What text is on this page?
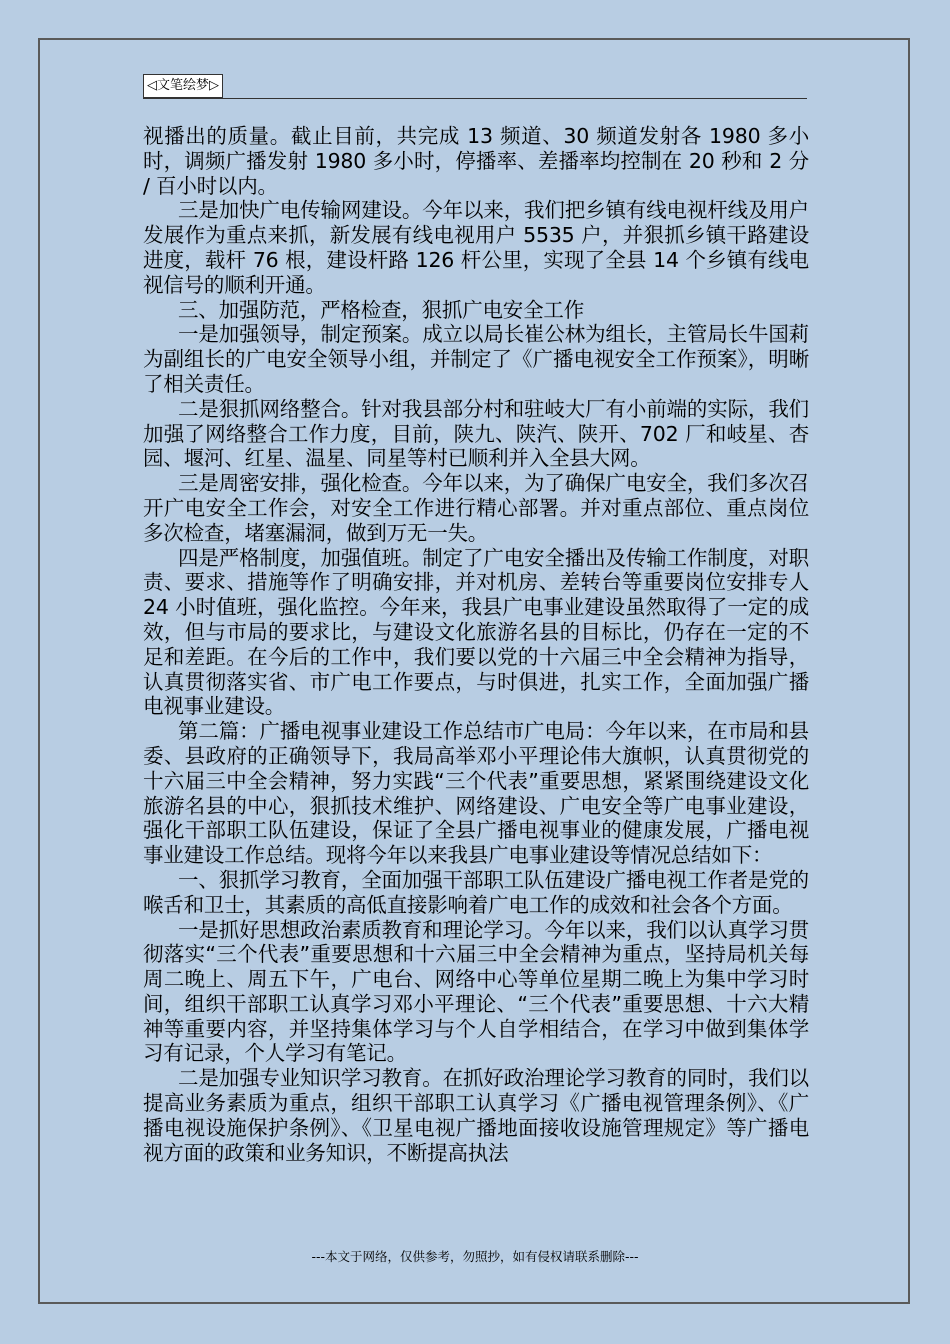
◁文笔绘梦▷

视播出的质量。截止目前，共完成 13 频道、30 频道发射各 1980 多小时，调频广播发射 1980 多小时，停播率、差播率均控制在 20 秒和 2 分 / 百小时以内。

三是加快广电传输网建设。今年以来，我们把乡镇有线电视杆线及用户发展作为重点来抓，新发展有线电视用户 5535 户，并狠抓乡镇干路建设进度，载杆 76 根，建设杆路 126 杆公里，实现了全县 14 个乡镇有线电视信号的顺利开通。

三、加强防范，严格检查，狠抓广电安全工作

一是加强领导，制定预案。成立以局长崔公林为组长，主管局长牛国莉为副组长的广电安全领导小组，并制定了《广播电视安全工作预案》，明晰了相关责任。

二是狠抓网络整合。针对我县部分村和驻岐大厂有小前端的实际，我们加强了网络整合工作力度，目前，陕九、陕汽、陕开、702 厂和岐星、杏园、堰河、红星、温星、同星等村已顺利并入全县大网。

三是周密安排，强化检查。今年以来，为了确保广电安全，我们多次召开广电安全工作会，对安全工作进行精心部署。并对重点部位、重点岗位多次检查，堵塞漏洞，做到万无一失。

四是严格制度，加强值班。制定了广电安全播出及传输工作制度，对职责、要求、措施等作了明确安排，并对机房、差转台等重要岗位安排专人 24 小时值班，强化监控。今年来，我县广电事业建设虽然取得了一定的成效，但与市局的要求比，与建设文化旅游名县的目标比，仍存在一定的不足和差距。在今后的工作中，我们要以党的十六届三中全会精神为指导，认真贯彻落实省、市广电工作要点，与时俱进，扎实工作，全面加强广播电视事业建设。

第二篇：广播电视事业建设工作总结市广电局：今年以来，在市局和县委、县政府的正确领导下，我局高举邓小平理论伟大旗帜，认真贯彻党的十六届三中全会精神，努力实践“三个代表”重要思想，紧紧围绕建设文化旅游名县的中心，狠抓技术维护、网络建设、广电安全等广电事业建设，强化干部职工队伍建设，保证了全县广播电视事业的健康发展，广播电视事业建设工作总结。现将今年以来我县广电事业建设等情况总结如下：

一、狠抓学习教育，全面加强干部职工队伍建设广播电视工作者是党的喉舌和卫士，其素质的高低直接影响着广电工作的成效和社会各个方面。

一是抓好思想政治素质教育和理论学习。今年以来，我们以认真学习贯彻落实“三个代表”重要思想和十六届三中全会精神为重点，坚持局机关每周二晚上、周五下午，广电台、网络中心等单位星期二晚上为集中学习时间，组织干部职工认真学习邓小平理论、“三个代表”重要思想、十六大精神等重要内容，并坚持集体学习与个人自学相结合，在学习中做到集体学习有记录，个人学习有笔记。

二是加强专业知识学习教育。在抓好政治理论学习教育的同时，我们以提高业务素质为重点，组织干部职工认真学习《广播电视管理条例》、《广播电视设施保护条例》、《卫星电视广播地面接收设施管理规定》等广播电视方面的政策和业务知识，不断提高执法

---本文于网络，仅供参考，勿照抄，如有侵权请联系删除---
